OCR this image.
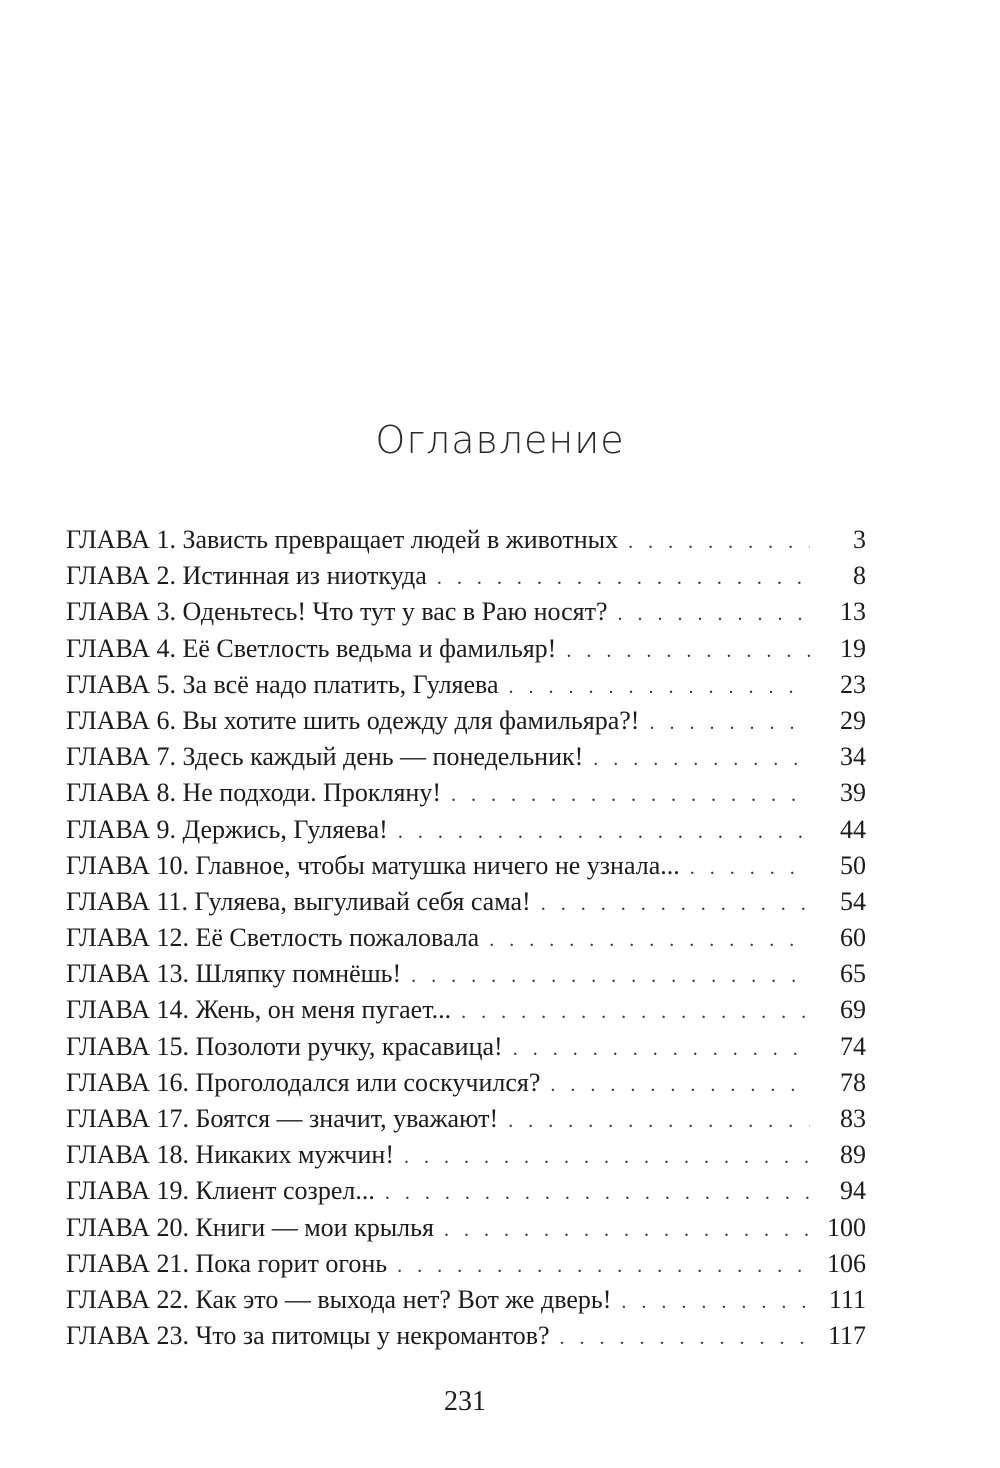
Оглавление
ГЛАВА 1. Зависть превращает людей в животных . . .	3
ГЛАВА 2. Истинная из ниоткуда . . .	8
ГЛАВА 3. Оденьтесь! Что тут у вас в Раю носят? . . .	13
ГЛАВА 4. Её Светлость ведьма и фамильяр! . . .	19
ГЛАВА 5. За всё надо платить, Гуляева . . .	23
ГЛАВА 6. Вы хотите шить одежду для фамильяра?! . . .	29
ГЛАВА 7. Здесь каждый день — понедельник! . . .	34
ГЛАВА 8. Не подходи. Прокляну! . . .	39
ГЛАВА 9. Держись, Гуляева! . . .	44
ГЛАВА 10. Главное, чтобы матушка ничего не узнала... . . .	50
ГЛАВА 11. Гуляева, выгуливай себя сама! . . .	54
ГЛАВА 12. Её Светлость пожаловала . . .	60
ГЛАВА 13. Шляпку помнёшь! . . .	65
ГЛАВА 14. Жень, он меня пугает... . . .	69
ГЛАВА 15. Позолоти ручку, красавица! . . .	74
ГЛАВА 16. Проголодался или соскучился? . . .	78
ГЛАВА 17. Боятся — значит, уважают! . . .	83
ГЛАВА 18. Никаких мужчин! . . .	89
ГЛАВА 19. Клиент созрел... . . .	94
ГЛАВА 20. Книги — мои крылья . . .	100
ГЛАВА 21. Пока горит огонь . . .	106
ГЛАВА 22. Как это — выхода нет? Вот же дверь! . . .	111
ГЛАВА 23. Что за питомцы у некромантов? . . .	117

231
